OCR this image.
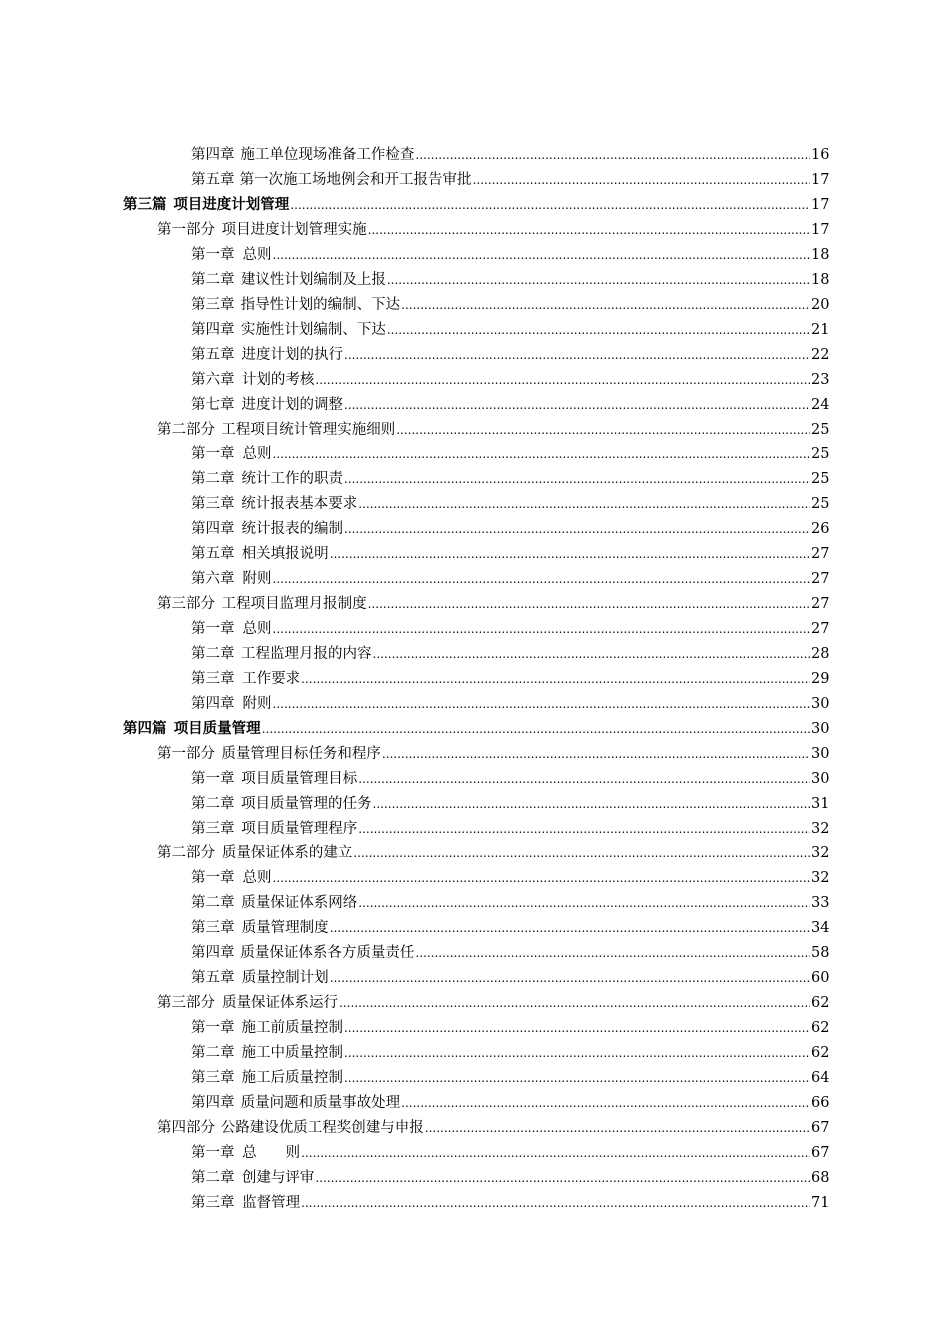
第四章 施工单位现场准备工作检查 .....	16
第五章 第一次施工场地例会和开工报告审批 .....	17
第三篇 项目进度计划管理 .....	17
第一部分 项目进度计划管理实施 .....	17
第一章 总则 .....	18
第二章 建议性计划编制及上报 .....	18
第三章 指导性计划的编制、下达 .....	20
第四章 实施性计划编制、下达 .....	21
第五章 进度计划的执行 .....	22
第六章 计划的考核 .....	23
第七章 进度计划的调整 .....	24
第二部分 工程项目统计管理实施细则 .....	25
第一章 总则 .....	25
第二章 统计工作的职责 .....	25
第三章 统计报表基本要求 .....	25
第四章 统计报表的编制 .....	26
第五章 相关填报说明 .....	27
第六章 附则 .....	27
第三部分 工程项目监理月报制度 .....	27
第一章 总则 .....	27
第二章 工程监理月报的内容 .....	28
第三章 工作要求 .....	29
第四章 附则 .....	30
第四篇 项目质量管理 .....	30
第一部分 质量管理目标任务和程序 .....	30
第一章 项目质量管理目标 .....	30
第二章 项目质量管理的任务 .....	31
第三章 项目质量管理程序 .....	32
第二部分 质量保证体系的建立 .....	32
第一章 总则 .....	32
第二章 质量保证体系网络 .....	33
第三章 质量管理制度 .....	34
第四章 质量保证体系各方质量责任 .....	58
第五章 质量控制计划 .....	60
第三部分 质量保证体系运行 .....	62
第一章 施工前质量控制 .....	62
第二章 施工中质量控制 .....	62
第三章 施工后质量控制 .....	64
第四章 质量问题和质量事故处理 .....	66
第四部分 公路建设优质工程奖创建与申报 .....	67
第一章 总　　则 .....	67
第二章 创建与评审 .....	68
第三章 监督管理 .....	71
